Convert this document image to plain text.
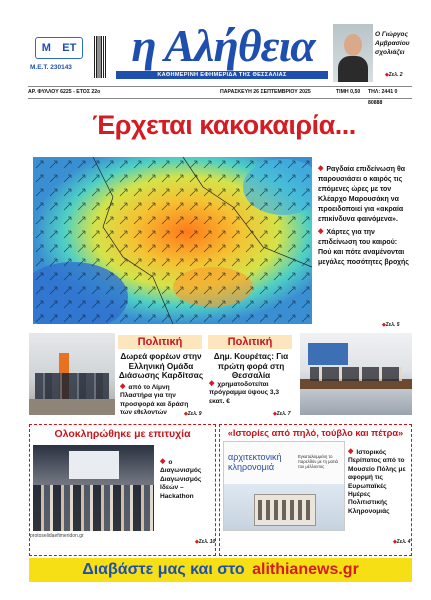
Μ ΕΤ
Μ.Ε.Τ. 230143 η Αλήθεια
ΚΑΘΗΜΕΡΙΝΗ ΕΦΗΜΕΡΙΔΑ ΤΗΣ ΘΕΣΣΑΛΙΑΣ
Ο Γιώργος Αμβρασίου σχολιάζει
◆ Σελ. 2
ΑΡ. ΦΥΛΛΟΥ 6225 - ΕΤΟΣ 22ο	ΠΑΡΑΣΚΕΥΗ 26 ΣΕΠΤΕΜΒΡΙΟΥ 2025	ΤΙΜΗ 0,50 ΤΗΛ: 2441 0 80888
Έρχεται κακοκαιρία...
◆ Ραγδαία επιδείνωση θα παρουσιάσει ο καιρός τις επόμενες ώρες με τον Κλέαρχο Μαρουσάκη να προειδοποιεί για «ακραία επικίνδυνα φαινόμενα».
◆ Χάρτες για την επιδείνωση του καιρού: Πού και πότε αναμένονται μεγάλες ποσότητες βροχής
◆ Σελ. 5
Πολιτική
Δωρεά φορέων στην Ελληνική Ομάδα Διάσωσης Καρδίτσας
◆ από το Λίμνη Πλαστήρα για την προσφορά και δράση των εθελοντών
◆	Σελ. 9
Πολιτική
Δημ. Κουρέτας: Για πρώτη φορά στη Θεσσαλία
◆ χρηματοδοτείται πρόγραμμα ύψους 3,3 εκατ. €
◆ Σελ. 7
Ολοκληρώθηκε με επιτυχία
protoselidaefimeridon.gr
◆ ο Διαγωνισμός Διαγωνισμός Ιδεών – Hackathon
◆ Σελ. 10
«Ιστορίες από πηλό, τούβλο και πέτρα»
αρχιτεκτονική κληρονομιά
Εγκαταλειμμένη το παρελθόν με τη ματιά του μέλλοντος
◆ Ιστορικός Περίπατος από το Μουσείο Πόλης με αφορμή τις Ευρωπαϊκές Ημέρες Πολιτιστικής Κληρονομιάς
◆ Σελ. 4
Διαβάστε μας και στο alithianews.gr
